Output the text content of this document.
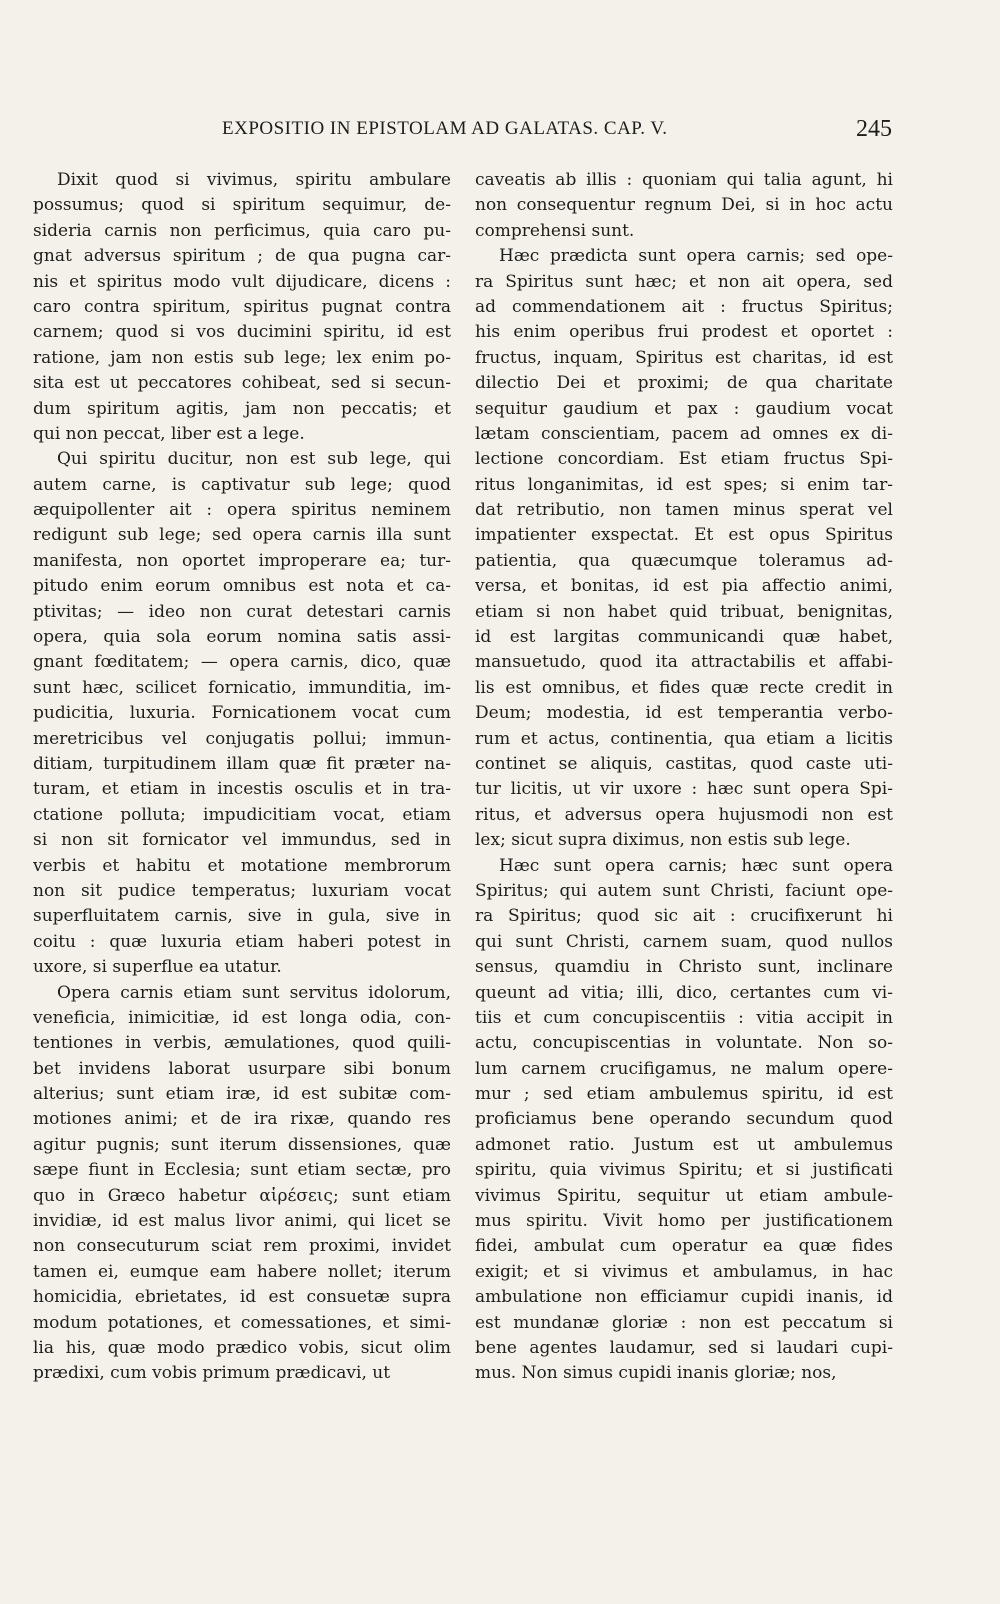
EXPOSITIO IN EPISTOLAM AD GALATAS. CAP. V.	245
Dixit quod si vivimus, spiritu ambulare
possumus; quod si spiritum sequimur, de-
sideria carnis non perficimus, quia caro pu-
gnat adversus spiritum ; de qua pugna car-
nis et spiritus modo vult dijudicare, dicens :
caro contra spiritum, spiritus pugnat contra
carnem; quod si vos ducimini spiritu, id est
ratione, jam non estis sub lege; lex enim po-
sita est ut peccatores cohibeat, sed si secun-
dum spiritum agitis, jam non peccatis; et
qui non peccat, liber est a lege.
Qui spiritu ducitur, non est sub lege, qui
autem carne, is captivatur sub lege; quod
æquipollenter ait : opera spiritus neminem
redigunt sub lege; sed opera carnis illa sunt
manifesta, non oportet improperare ea; tur-
pitudo enim eorum omnibus est nota et ca-
ptivitas; — ideo non curat detestari carnis
opera, quia sola eorum nomina satis assi-
gnant fœditatem; — opera carnis, dico, quæ
sunt hæc, scilicet fornicatio, immunditia, im-
pudicitia, luxuria. Fornicationem vocat cum
meretricibus vel conjugatis pollui; immun-
ditiam, turpitudinem illam quæ fit præter na-
turam, et etiam in incestis osculis et in tra-
ctatione polluta; impudicitiam vocat, etiam
si non sit fornicator vel immundus, sed in
verbis et habitu et motatione membrorum
non sit pudice temperatus; luxuriam vocat
superfluitatem carnis, sive in gula, sive in
coitu : quæ luxuria etiam haberi potest in
uxore, si superflue ea utatur.
Opera carnis etiam sunt servitus idolorum,
veneficia, inimicitiæ, id est longa odia, con-
tentiones in verbis, æmulationes, quod quili-
bet invidens laborat usurpare sibi bonum
alterius; sunt etiam iræ, id est subitæ com-
motiones animi; et de ira rixæ, quando res
agitur pugnis; sunt iterum dissensiones, quæ
sæpe fiunt in Ecclesia; sunt etiam sectæ, pro
quo in Græco habetur αἱρέσεις; sunt etiam
invidiæ, id est malus livor animi, qui licet se
non consecuturum sciat rem proximi, invidet
tamen ei, eumque eam habere nollet; iterum
homicidia, ebrietates, id est consuetæ supra
modum potationes, et comessationes, et simi-
lia his, quæ modo prædico vobis, sicut olim
prædixi, cum vobis primum prædicavi, ut
caveatis ab illis : quoniam qui talia agunt, hi
non consequentur regnum Dei, si in hoc actu
comprehensi sunt.
Hæc prædicta sunt opera carnis; sed ope-
ra Spiritus sunt hæc; et non ait opera, sed
ad commendationem ait : fructus Spiritus;
his enim operibus frui prodest et oportet :
fructus, inquam, Spiritus est charitas, id est
dilectio Dei et proximi; de qua charitate
sequitur gaudium et pax : gaudium vocat
lætam conscientiam, pacem ad omnes ex di-
lectione concordiam. Est etiam fructus Spi-
ritus longanimitas, id est spes; si enim tar-
dat retributio, non tamen minus sperat vel
impatienter exspectat. Et est opus Spiritus
patientia, qua quæcumque toleramus ad-
versa, et bonitas, id est pia affectio animi,
etiam si non habet quid tribuat, benignitas,
id est largitas communicandi quæ habet,
mansuetudo, quod ita attractabilis et affabi-
lis est omnibus, et fides quæ recte credit in
Deum; modestia, id est temperantia verbo-
rum et actus, continentia, qua etiam a licitis
continet se aliquis, castitas, quod caste uti-
tur licitis, ut vir uxore : hæc sunt opera Spi-
ritus, et adversus opera hujusmodi non est
lex; sicut supra diximus, non estis sub lege.
Hæc sunt opera carnis; hæc sunt opera
Spiritus; qui autem sunt Christi, faciunt ope-
ra Spiritus; quod sic ait : crucifixerunt hi
qui sunt Christi, carnem suam, quod nullos
sensus, quamdiu in Christo sunt, inclinare
queunt ad vitia; illi, dico, certantes cum vi-
tiis et cum concupiscentiis : vitia accipit in
actu, concupiscentias in voluntate. Non so-
lum carnem crucifigamus, ne malum opere-
mur ; sed etiam ambulemus spiritu, id est
proficiamus bene operando secundum quod
admonet ratio. Justum est ut ambulemus
spiritu, quia vivimus Spiritu; et si justificati
vivimus Spiritu, sequitur ut etiam ambule-
mus spiritu. Vivit homo per justificationem
fidei, ambulat cum operatur ea quæ fides
exigit; et si vivimus et ambulamus, in hac
ambulatione non efficiamur cupidi inanis, id
est mundanæ gloriæ : non est peccatum si
bene agentes laudamur, sed si laudari cupi-
mus. Non simus cupidi inanis gloriæ; nos,
